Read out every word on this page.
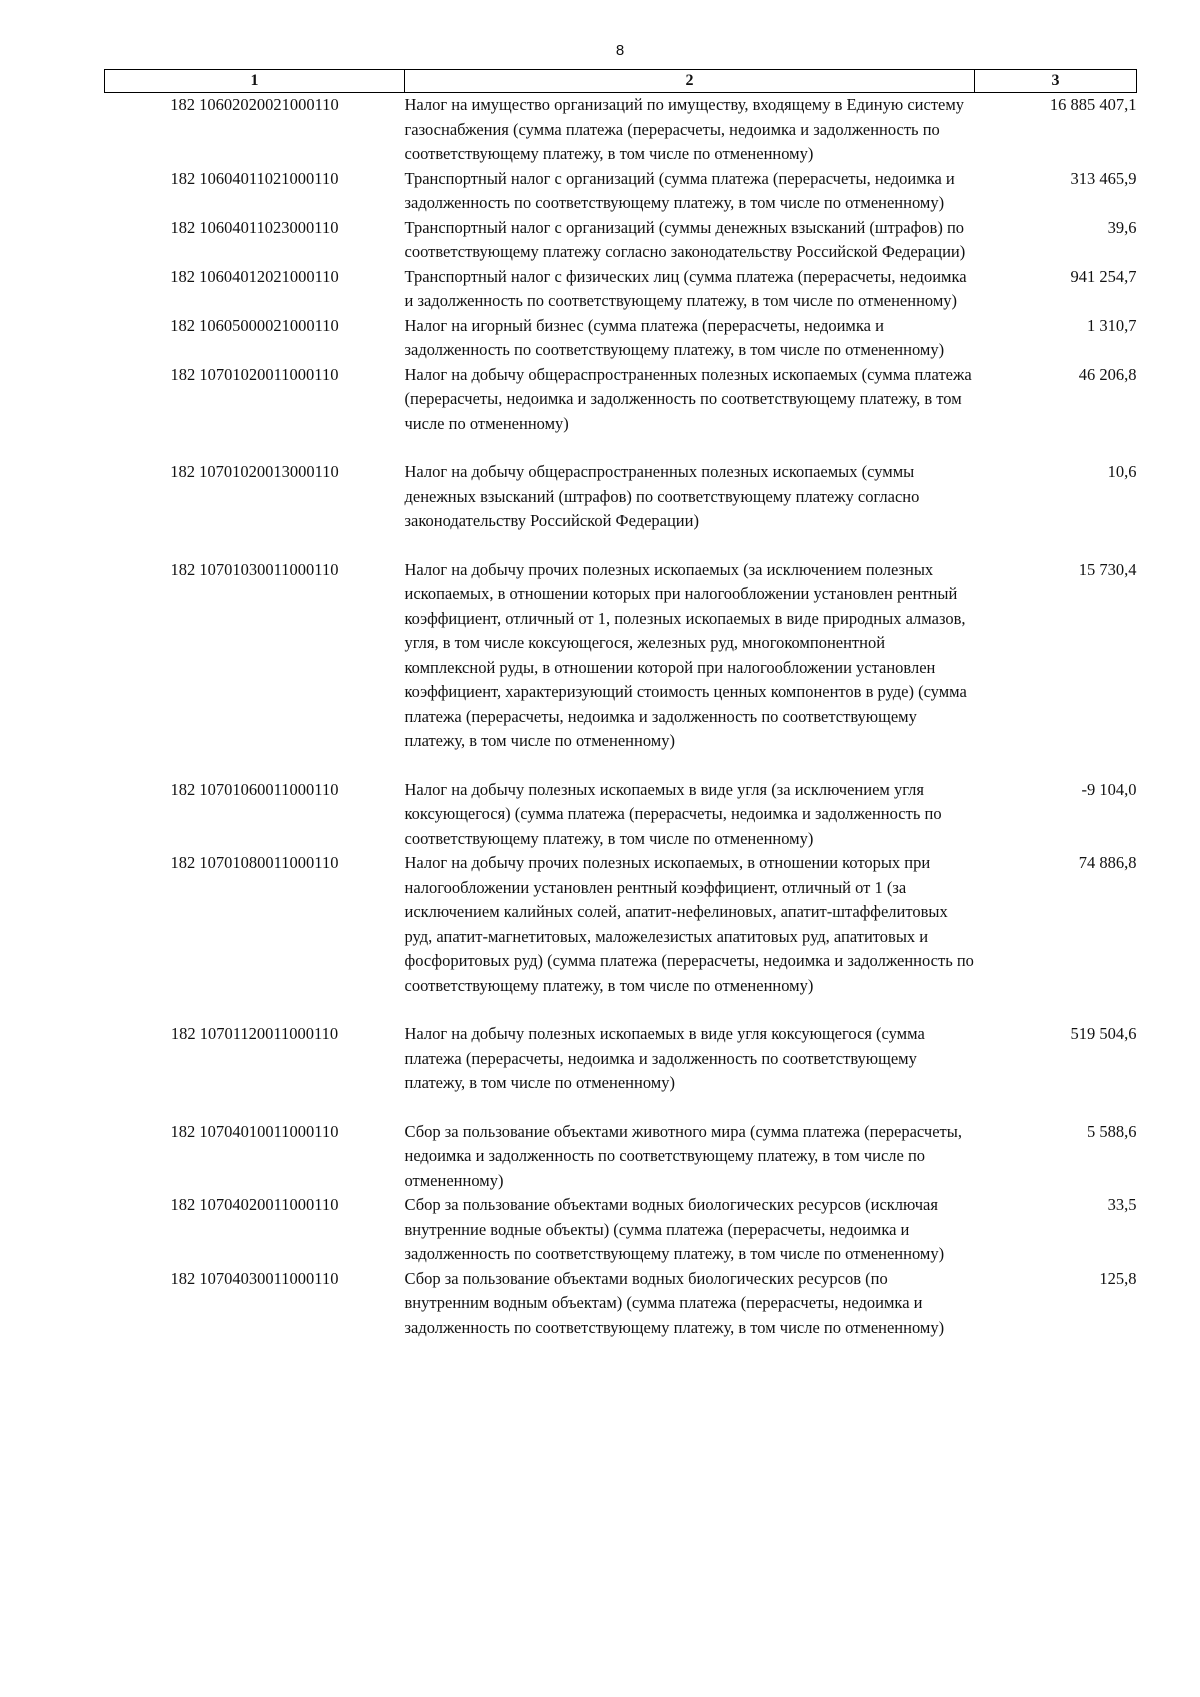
8
1	2	3
182 10602020021000110	Налог на имущество организаций по имуществу, входящему в Единую систему газоснабжения (сумма платежа (перерасчеты, недоимка и задолженность по соответствующему платежу, в том числе по отмененному)	16 885 407,1
182 10604011021000110	Транспортный налог с организаций (сумма платежа (перерасчеты, недоимка и задолженность по соответствующему платежу, в том числе по отмененному)	313 465,9
182 10604011023000110	Транспортный налог с организаций (суммы денежных взысканий (штрафов) по соответствующему платежу согласно законодательству Российской Федерации)	39,6
182 10604012021000110	Транспортный налог с физических лиц (сумма платежа (перерасчеты, недоимка и задолженность по соответствующему платежу, в том числе по отмененному)	941 254,7
182 10605000021000110	Налог на игорный бизнес (сумма платежа (перерасчеты, недоимка и задолженность по соответствующему платежу, в том числе по отмененному)	1 310,7
182 10701020011000110	Налог на добычу общераспространенных полезных ископаемых (сумма платежа (перерасчеты, недоимка и задолженность по соответствующему платежу, в том числе по отмененному)	46 206,8
182 10701020013000110	Налог на добычу общераспространенных полезных ископаемых (суммы денежных взысканий (штрафов) по соответствующему платежу согласно законодательству Российской Федерации)	10,6
182 10701030011000110	Налог на добычу прочих полезных ископаемых (за исключением полезных ископаемых, в отношении которых при налогообложении установлен рентный коэффициент, отличный от 1, полезных ископаемых в виде природных алмазов, угля, в том числе коксующегося, железных руд, многокомпонентной комплексной руды, в отношении которой при налогообложении установлен коэффициент, характеризующий стоимость ценных компонентов в руде) (сумма платежа (перерасчеты, недоимка и задолженность по соответствующему платежу, в том числе по отмененному)	15 730,4
182 10701060011000110	Налог на добычу полезных ископаемых в виде угля (за исключением угля коксующегося) (сумма платежа (перерасчеты, недоимка и задолженность по соответствующему платежу, в том числе по отмененному)	-9 104,0
182 10701080011000110	Налог на добычу прочих полезных ископаемых, в отношении которых при налогообложении установлен рентный коэффициент, отличный от 1 (за исключением калийных солей, апатит-нефелиновых, апатит-штаффелитовых руд, апатит-магнетитовых, маложелезистых апатитовых руд, апатитовых и фосфоритовых руд) (сумма платежа (перерасчеты, недоимка и задолженность по соответствующему платежу, в том числе по отмененному)	74 886,8
182 10701120011000110	Налог на добычу полезных ископаемых в виде угля коксующегося (сумма платежа (перерасчеты, недоимка и задолженность по соответствующему платежу, в том числе по отмененному)	519 504,6
182 10704010011000110	Сбор за пользование объектами животного мира (сумма платежа (перерасчеты, недоимка и задолженность по соответствующему платежу, в том числе по отмененному)	5 588,6
182 10704020011000110	Сбор за пользование объектами водных биологических ресурсов (исключая внутренние водные объекты) (сумма платежа (перерасчеты, недоимка и задолженность по соответствующему платежу, в том числе по отмененному)	33,5
182 10704030011000110	Сбор за пользование объектами водных биологических ресурсов (по внутренним водным объектам) (сумма платежа (перерасчеты, недоимка и задолженность по соответствующему платежу, в том числе по отмененному)	125,8
